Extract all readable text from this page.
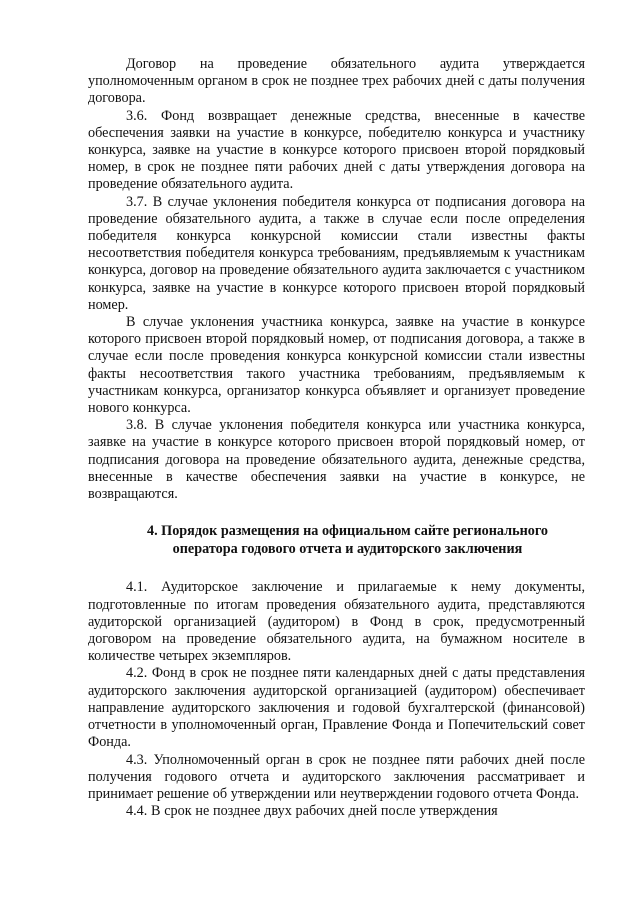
Договор на проведение обязательного аудита утверждается уполномоченным органом в срок не позднее трех рабочих дней с даты получения договора.

3.6. Фонд возвращает денежные средства, внесенные в качестве обеспечения заявки на участие в конкурсе, победителю конкурса и участнику конкурса, заявке на участие в конкурсе которого присвоен второй порядковый номер, в срок не позднее пяти рабочих дней с даты утверждения договора на проведение обязательного аудита.

3.7. В случае уклонения победителя конкурса от подписания договора на проведение обязательного аудита, а также в случае если после определения победителя конкурса конкурсной комиссии стали известны факты несоответствия победителя конкурса требованиям, предъявляемым к участникам конкурса, договор на проведение обязательного аудита заключается с участником конкурса, заявке на участие в конкурсе которого присвоен второй порядковый номер.

В случае уклонения участника конкурса, заявке на участие в конкурсе которого присвоен второй порядковый номер, от подписания договора, а также в случае если после проведения конкурса конкурсной комиссии стали известны факты несоответствия такого участника требованиям, предъявляемым к участникам конкурса, организатор конкурса объявляет и организует проведение нового конкурса.

3.8. В случае уклонения победителя конкурса или участника конкурса, заявке на участие в конкурсе которого присвоен второй порядковый номер, от подписания договора на проведение обязательного аудита, денежные средства, внесенные в качестве обеспечения заявки на участие в конкурсе, не возвращаются.

4. Порядок размещения на официальном сайте регионального
оператора годового отчета и аудиторского заключения

4.1. Аудиторское заключение и прилагаемые к нему документы, подготовленные по итогам проведения обязательного аудита, представляются аудиторской организацией (аудитором) в Фонд в срок, предусмотренный договором на проведение обязательного аудита, на бумажном носителе в количестве четырех экземпляров.

4.2. Фонд в срок не позднее пяти календарных дней с даты представления аудиторского заключения аудиторской организацией (аудитором) обеспечивает направление аудиторского заключения и годовой бухгалтерской (финансовой) отчетности в уполномоченный орган, Правление Фонда и Попечительский совет Фонда.

4.3. Уполномоченный орган в срок не позднее пяти рабочих дней после получения годового отчета и аудиторского заключения рассматривает и принимает решение об утверждении или неутверждении годового отчета Фонда.

4.4. В срок не позднее двух рабочих дней после утверждения
